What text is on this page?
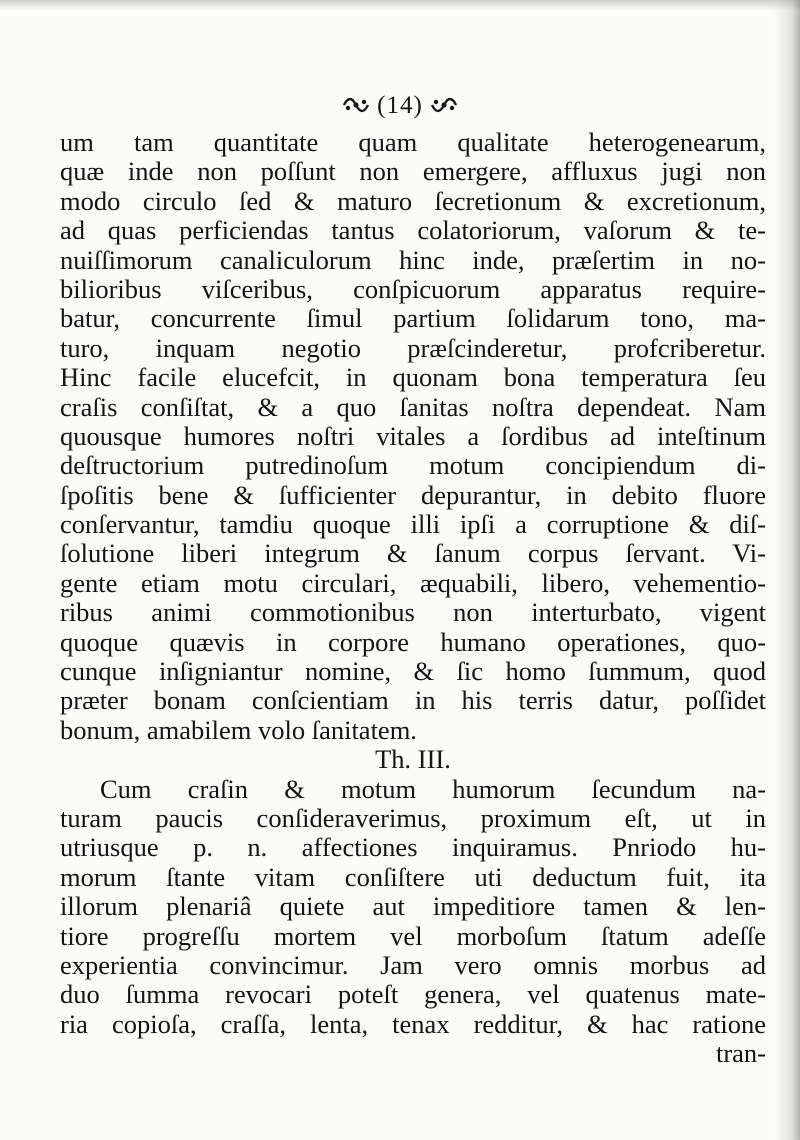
(14)
um tam quantitate quam qualitate heterogenearum,
quæ inde non poſſunt non emergere, affluxus jugi non
modo circulo ſed & maturo ſecretionum & excretionum,
ad quas perficiendas tantus colatoriorum, vaſorum & te-
nuiſſimorum canaliculorum hinc inde, præſertim in no-
bilioribus viſceribus, conſpicuorum apparatus require-
batur, concurrente ſimul partium ſolidarum tono, ma-
turo, inquam negotio præſcinderetur, profcriberetur.
Hinc facile elucefcit, in quonam bona temperatura ſeu
craſis conſiſtat, & a quo ſanitas noſtra dependeat. Nam
quousque humores noſtri vitales a ſordibus ad inteſtinum
deſtructorium putredinoſum motum concipiendum di-
ſpoſitis bene & ſufficienter depurantur, in debito fluore
conſervantur, tamdiu quoque illi ipſi a corruptione & diſ-
ſolutione liberi integrum & ſanum corpus ſervant. Vi-
gente etiam motu circulari, æquabili, libero, vehementio-
ribus animi commotionibus non interturbato, vigent
quoque quævis in corpore humano operationes, quo-
cunque inſigniantur nomine, & ſic homo ſummum, quod
præter bonam conſcientiam in his terris datur, poſſidet
bonum, amabilem volo ſanitatem.
Th. III.
Cum craſin & motum humorum ſecundum na-
turam paucis conſideraverimus, proximum eſt, ut in
utriusque p. n. affectiones inquiramus. Pnriodo hu-
morum ſtante vitam conſiſtere uti deductum fuit, ita
illorum plenariâ quiete aut impeditiore tamen & len-
tiore progreſſu mortem vel morboſum ſtatum adeſſe
experientia convincimur. Jam vero omnis morbus ad
duo ſumma revocari poteſt genera, vel quatenus mate-
ria copioſa, craſſa, lenta, tenax redditur, & hac ratione
tran-
